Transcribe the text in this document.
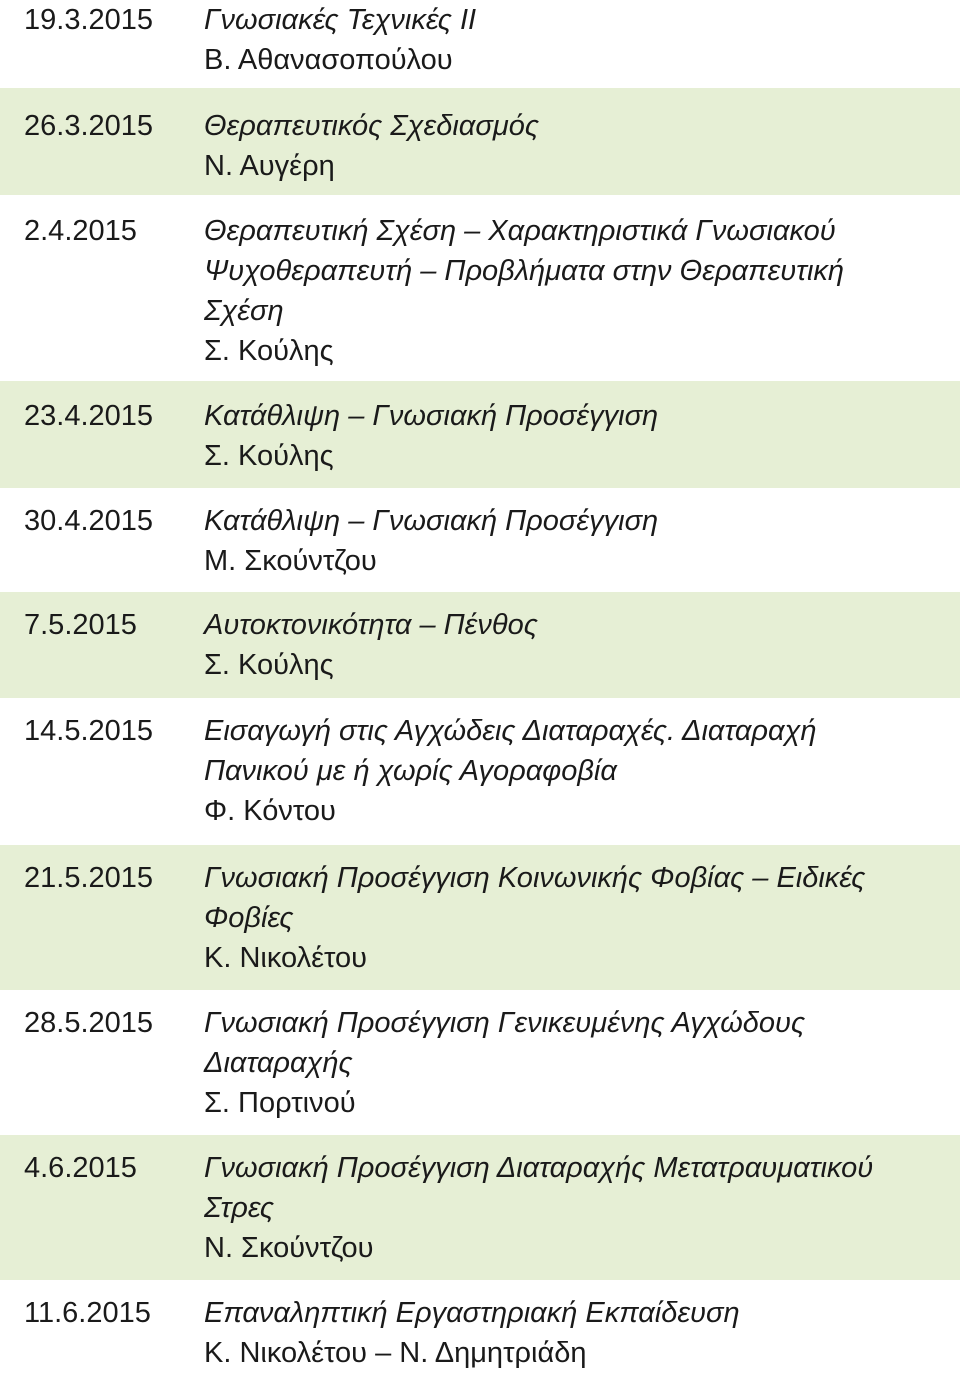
19.3.2015	Γνωσιακές Τεχνικές ΙΙ
Β. Αθανασοπούλου
26.3.2015	Θεραπευτικός Σχεδιασμός
Ν. Αυγέρη
2.4.2015	Θεραπευτική Σχέση – Χαρακτηριστικά Γνωσιακού
Ψυχοθεραπευτή – Προβλήματα στην Θεραπευτική
Σχέση
Σ. Κούλης
23.4.2015	Κατάθλιψη – Γνωσιακή Προσέγγιση
Σ. Κούλης
30.4.2015	Κατάθλιψη – Γνωσιακή Προσέγγιση
Μ. Σκούντζου
7.5.2015	Αυτοκτονικότητα – Πένθος
Σ. Κούλης
14.5.2015	Εισαγωγή στις Αγχώδεις Διαταραχές. Διαταραχή
Πανικού με ή χωρίς Αγοραφοβία
Φ. Κόντου
21.5.2015	Γνωσιακή Προσέγγιση Κοινωνικής Φοβίας – Ειδικές
Φοβίες
Κ. Νικολέτου
28.5.2015	Γνωσιακή Προσέγγιση Γενικευμένης Αγχώδους
Διαταραχής
Σ. Πορτινού
4.6.2015	Γνωσιακή Προσέγγιση Διαταραχής Μετατραυματικού
Στρες
Ν. Σκούντζου
11.6.2015	Επαναληπτική Εργαστηριακή Εκπαίδευση
Κ. Νικολέτου – Ν. Δημητριάδη
